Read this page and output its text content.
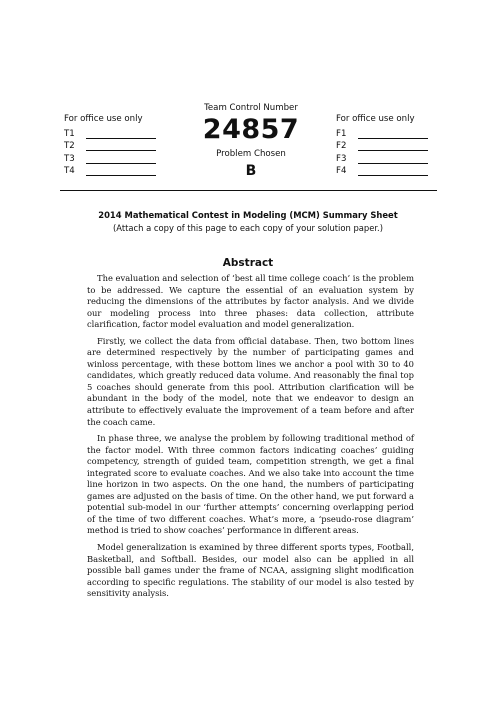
For office use only
T1
T2
T3
T4
Team Control Number
24857
Problem Chosen
B
For office use only
F1
F2
F3
F4
2014 Mathematical Contest in Modeling (MCM) Summary Sheet
(Attach a copy of this page to each copy of your solution paper.)
Abstract

The evaluation and selection of ‘best all time college coach’ is the problem to be addressed. We capture the essential of an evaluation system by reducing the dimensions of the attributes by factor analysis. And we divide our modeling process into three phases: data collection, attribute clarification, factor model evaluation and model generalization.

Firstly, we collect the data from official database. Then, two bottom lines are determined respectively by the number of participating games and winloss percentage, with these bottom lines we anchor a pool with 30 to 40 candidates, which greatly reduced data volume. And reasonably the final top 5 coaches should generate from this pool. Attribution clarification will be abundant in the body of the model, note that we endeavor to design an attribute to effectively evaluate the improvement of a team before and after the coach came.

In phase three, we analyse the problem by following traditional method of the factor model. With three common factors indicating coaches’ guiding competency, strength of guided team, competition strength, we get a final integrated score to evaluate coaches. And we also take into account the time line horizon in two aspects. On the one hand, the numbers of participating games are adjusted on the basis of time. On the other hand, we put forward a potential sub-model in our ‘further attempts’ concerning overlapping period of the time of two different coaches. What’s more, a ‘pseudo-rose diagram’ method is tried to show coaches’ performance in different areas.

Model generalization is examined by three different sports types, Football, Basketball, and Softball. Besides, our model also can be applied in all possible ball games under the frame of NCAA, assigning slight modification according to specific regulations. The stability of our model is also tested by sensitivity analysis.
